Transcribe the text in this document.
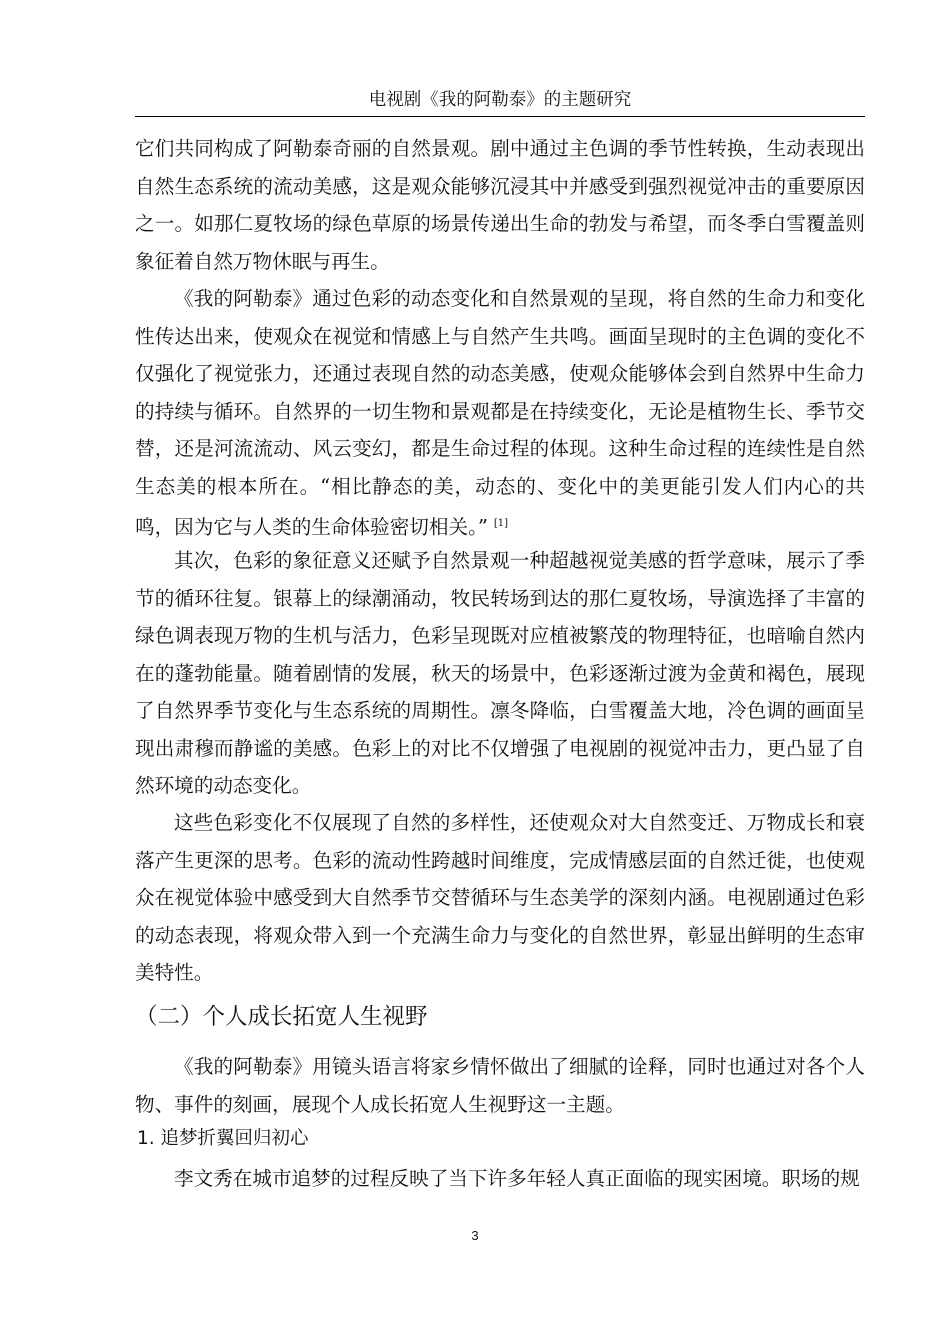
电视剧《我的阿勒泰》的主题研究

它们共同构成了阿勒泰奇丽的自然景观。剧中通过主色调的季节性转换，生动表现出自然生态系统的流动美感，这是观众能够沉浸其中并感受到强烈视觉冲击的重要原因之一。如那仁夏牧场的绿色草原的场景传递出生命的勃发与希望，而冬季白雪覆盖则象征着自然万物休眠与再生。

《我的阿勒泰》通过色彩的动态变化和自然景观的呈现，将自然的生命力和变化性传达出来，使观众在视觉和情感上与自然产生共鸣。画面呈现时的主色调的变化不仅强化了视觉张力，还通过表现自然的动态美感，使观众能够体会到自然界中生命力的持续与循环。自然界的一切生物和景观都是在持续变化，无论是植物生长、季节交替，还是河流流动、风云变幻，都是生命过程的体现。这种生命过程的连续性是自然生态美的根本所在。“相比静态的美，动态的、变化中的美更能引发人们内心的共鸣，因为它与人类的生命体验密切相关。” [1]

其次，色彩的象征意义还赋予自然景观一种超越视觉美感的哲学意味，展示了季节的循环往复。银幕上的绿潮涌动，牧民转场到达的那仁夏牧场，导演选择了丰富的绿色调表现万物的生机与活力，色彩呈现既对应植被繁茂的物理特征，也暗喻自然内在的蓬勃能量。随着剧情的发展，秋天的场景中，色彩逐渐过渡为金黄和褐色，展现了自然界季节变化与生态系统的周期性。凛冬降临，白雪覆盖大地，冷色调的画面呈现出肃穆而静谧的美感。色彩上的对比不仅增强了电视剧的视觉冲击力，更凸显了自然环境的动态变化。

这些色彩变化不仅展现了自然的多样性，还使观众对大自然变迁、万物成长和衰落产生更深的思考。色彩的流动性跨越时间维度，完成情感层面的自然迁徙，也使观众在视觉体验中感受到大自然季节交替循环与生态美学的深刻内涵。电视剧通过色彩的动态表现，将观众带入到一个充满生命力与变化的自然世界，彰显出鲜明的生态审美特性。

（二）个人成长拓宽人生视野

《我的阿勒泰》用镜头语言将家乡情怀做出了细腻的诠释，同时也通过对各个人物、事件的刻画，展现个人成长拓宽人生视野这一主题。

1. 追梦折翼回归初心

李文秀在城市追梦的过程反映了当下许多年轻人真正面临的现实困境。职场的规

3
